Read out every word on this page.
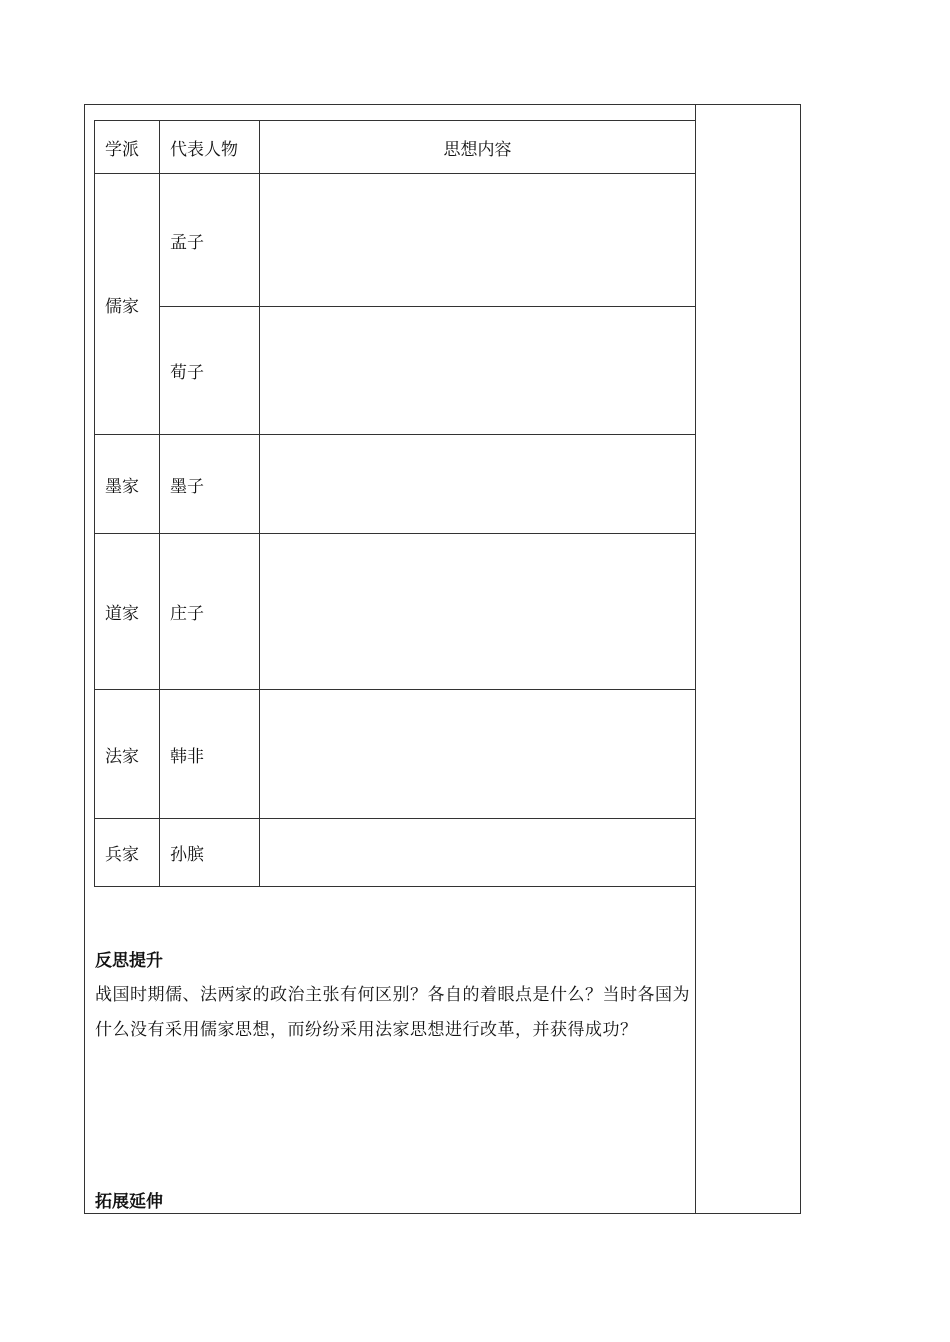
学派	代表人物	思想内容
儒家	孟子	
	荀子	
墨家	墨子	
道家	庄子	
法家	韩非	
兵家	孙膑	
反思提升
战国时期儒、法两家的政治主张有何区别？各自的着眼点是什么？当时各国为什么没有采用儒家思想，而纷纷采用法家思想进行改革，并获得成功？
拓展延伸
